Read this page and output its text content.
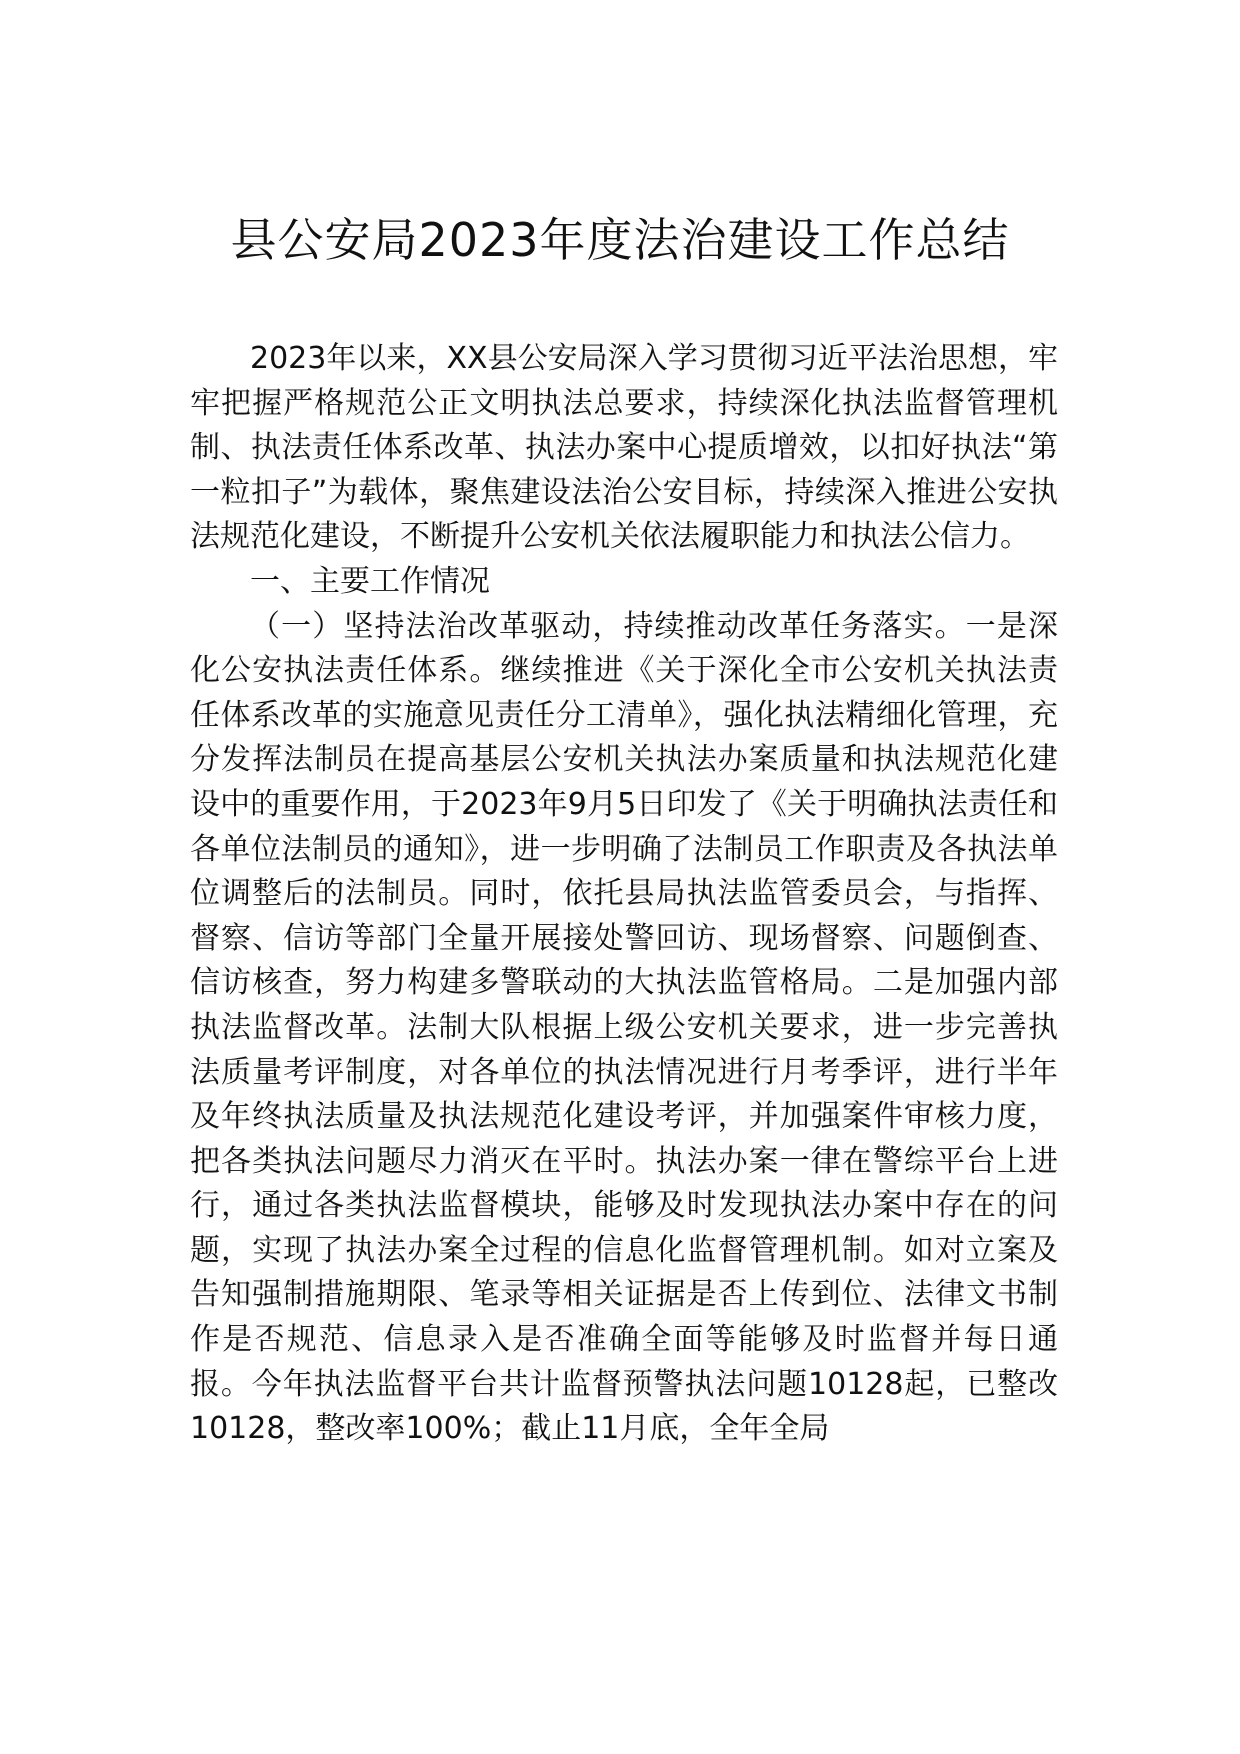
县公安局2023年度法治建设工作总结

2023年以来，XX县公安局深入学习贯彻习近平法治思想，牢牢把握严格规范公正文明执法总要求，持续深化执法监督管理机制、执法责任体系改革、执法办案中心提质增效，以扣好执法“第一粒扣子”为载体，聚焦建设法治公安目标，持续深入推进公安执法规范化建设，不断提升公安机关依法履职能力和执法公信力。

一、主要工作情况

（一）坚持法治改革驱动，持续推动改革任务落实。一是深化公安执法责任体系。继续推进《关于深化全市公安机关执法责任体系改革的实施意见责任分工清单》，强化执法精细化管理，充分发挥法制员在提高基层公安机关执法办案质量和执法规范化建设中的重要作用，于2023年9月5日印发了《关于明确执法责任和各单位法制员的通知》，进一步明确了法制员工作职责及各执法单位调整后的法制员。同时，依托县局执法监管委员会，与指挥、督察、信访等部门全量开展接处警回访、现场督察、问题倒查、信访核查，努力构建多警联动的大执法监管格局。二是加强内部执法监督改革。法制大队根据上级公安机关要求，进一步完善执法质量考评制度，对各单位的执法情况进行月考季评，进行半年及年终执法质量及执法规范化建设考评，并加强案件审核力度，把各类执法问题尽力消灭在平时。执法办案一律在警综平台上进行，通过各类执法监督模块，能够及时发现执法办案中存在的问题，实现了执法办案全过程的信息化监督管理机制。如对立案及告知强制措施期限、笔录等相关证据是否上传到位、法律文书制作是否规范、信息录入是否准确全面等能够及时监督并每日通报。今年执法监督平台共计监督预警执法问题10128起，已整改10128，整改率100%；截止11月底，全年全局
